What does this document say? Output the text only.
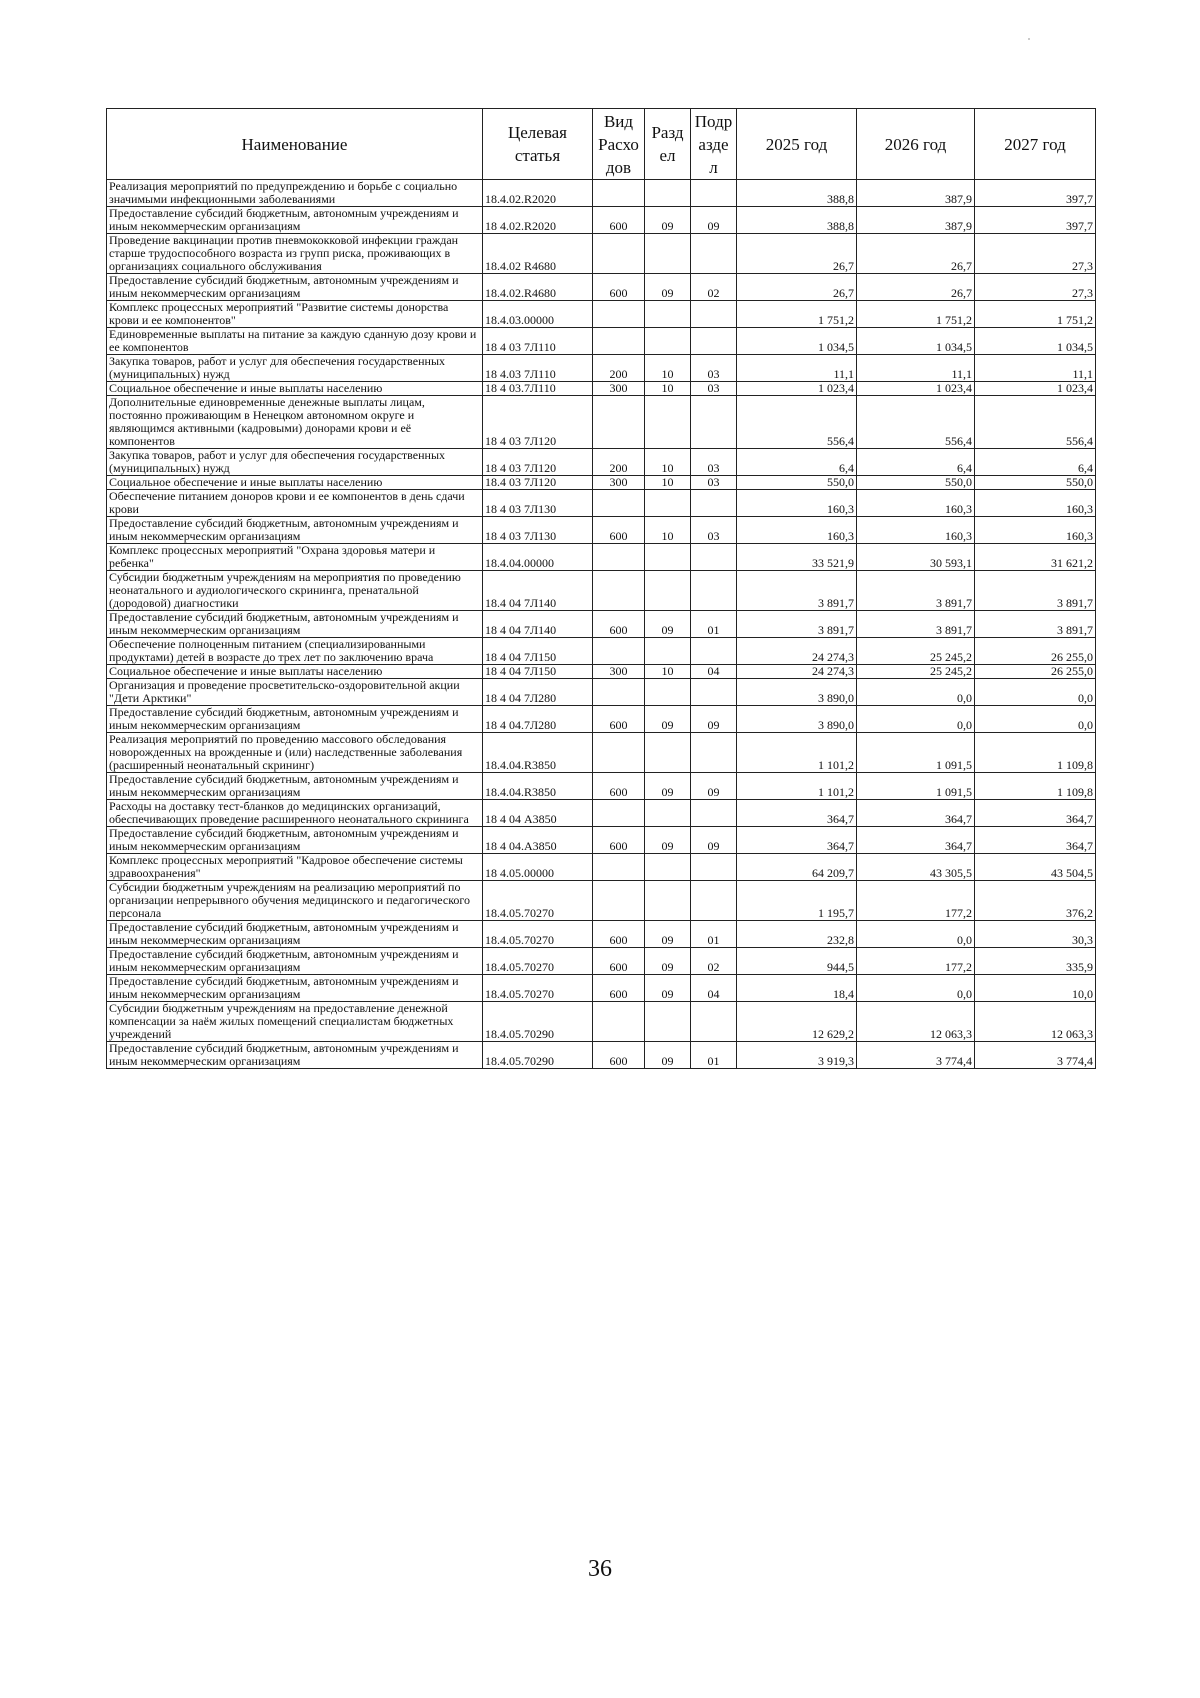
Наименование	Целевая статья	Вид Расхо дов	Разд ел	Подр азде л	2025 год	2026 год	2027 год
Реализация мероприятий по предупреждению и борьбе с социально значимыми инфекционными заболеваниями	18.4.02.R2020				388,8	387,9	397,7
Предоставление субсидий бюджетным, автономным учреждениям и иным некоммерческим организациям	18 4.02.R2020	600	09	09	388,8	387,9	397,7
Проведение вакцинации против пневмококковой инфекции граждан старше трудоспособного возраста из групп риска, проживающих в организациях социального обслуживания	18.4.02 R4680				26,7	26,7	27,3
Предоставление субсидий бюджетным, автономным учреждениям и иным некоммерческим организациям	18.4.02.R4680	600	09	02	26,7	26,7	27,3
Комплекс процессных мероприятий "Развитие системы донорства крови и ее компонентов"	18.4.03.00000				1 751,2	1 751,2	1 751,2
Единовременные выплаты на питание за каждую сданную дозу крови и ее компонентов	18 4 03 7Л110				1 034,5	1 034,5	1 034,5
Закупка товаров, работ и услуг для обеспечения государственных (муниципальных) нужд	18 4.03 7Л110	200	10	03	11,1	11,1	11,1
Социальное обеспечение и иные выплаты населению	18 4 03.7Л110	300	10	03	1 023,4	1 023,4	1 023,4
Дополнительные единовременные денежные выплаты лицам, постоянно проживающим в Ненецком автономном округе и являющимся активными (кадровыми) донорами крови и её компонентов	18 4 03 7Л120				556,4	556,4	556,4
Закупка товаров, работ и услуг для обеспечения государственных (муниципальных) нужд	18 4 03 7Л120	200	10	03	6,4	6,4	6,4
Социальное обеспечение и иные выплаты населению	18.4 03 7Л120	300	10	03	550,0	550,0	550,0
Обеспечение питанием доноров крови и ее компонентов в день сдачи крови	18 4 03 7Л130				160,3	160,3	160,3
Предоставление субсидий бюджетным, автономным учреждениям и иным некоммерческим организациям	18 4 03 7Л130	600	10	03	160,3	160,3	160,3
Комплекс процессных мероприятий "Охрана здоровья матери и ребенка"	18.4.04.00000				33 521,9	30 593,1	31 621,2
Субсидии бюджетным учреждениям на мероприятия по проведению неонатального и аудиологического скрининга, пренатальной (дородовой) диагностики	18.4 04 7Л140				3 891,7	3 891,7	3 891,7
Предоставление субсидий бюджетным, автономным учреждениям и иным некоммерческим организациям	18 4 04 7Л140	600	09	01	3 891,7	3 891,7	3 891,7
Обеспечение полноценным питанием (специализированными продуктами) детей в возрасте до трех лет по заключению врача	18 4 04 7Л150				24 274,3	25 245,2	26 255,0
Социальное обеспечение и иные выплаты населению	18 4 04 7Л150	300	10	04	24 274,3	25 245,2	26 255,0
Организация и проведение просветительско-оздоровительной акции "Дети Арктики"	18 4 04 7Л280				3 890,0	0,0	0,0
Предоставление субсидий бюджетным, автономным учреждениям и иным некоммерческим организациям	18 4 04.7Л280	600	09	09	3 890,0	0,0	0,0
Реализация мероприятий по проведению массового обследования новорожденных на врожденные и (или) наследственные заболевания (расширенный неонатальный скрининг)	18.4.04.R3850				1 101,2	1 091,5	1 109,8
Предоставление субсидий бюджетным, автономным учреждениям и иным некоммерческим организациям	18.4.04.R3850	600	09	09	1 101,2	1 091,5	1 109,8
Расходы на доставку тест-бланков до медицинских организаций, обеспечивающих проведение расширенного неонатального скрининга	18 4 04 А3850				364,7	364,7	364,7
Предоставление субсидий бюджетным, автономным учреждениям и иным некоммерческим организациям	18 4 04.А3850	600	09	09	364,7	364,7	364,7
Комплекс процессных мероприятий "Кадровое обеспечение системы здравоохранения"	18 4.05.00000				64 209,7	43 305,5	43 504,5
Субсидии бюджетным учреждениям на реализацию мероприятий по организации непрерывного обучения медицинского и педагогического персонала	18.4.05.70270				1 195,7	177,2	376,2
Предоставление субсидий бюджетным, автономным учреждениям и иным некоммерческим организациям	18.4.05.70270	600	09	01	232,8	0,0	30,3
Предоставление субсидий бюджетным, автономным учреждениям и иным некоммерческим организациям	18.4.05.70270	600	09	02	944,5	177,2	335,9
Предоставление субсидий бюджетным, автономным учреждениям и иным некоммерческим организациям	18.4.05.70270	600	09	04	18,4	0,0	10,0
Субсидии бюджетным учреждениям на предоставление денежной компенсации за наём жилых помещений специалистам бюджетных учреждений	18.4.05.70290				12 629,2	12 063,3	12 063,3
Предоставление субсидий бюджетным, автономным учреждениям и иным некоммерческим организациям	18.4.05.70290	600	09	01	3 919,3	3 774,4	3 774,4
36
